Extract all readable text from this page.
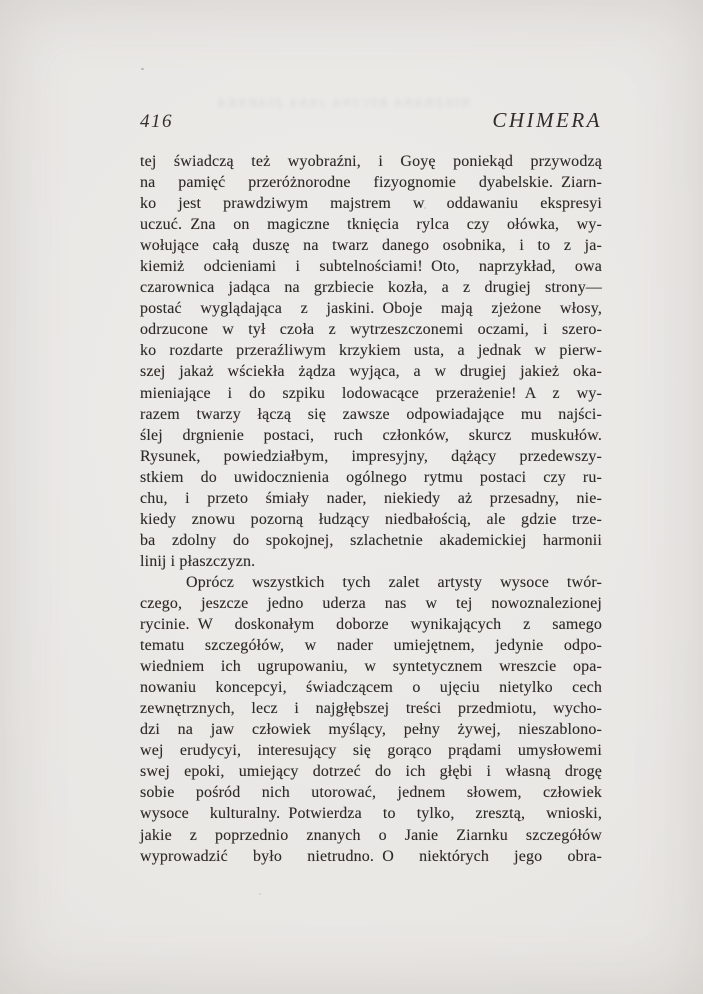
NIEZNANA RYCINA JANA ZIARNKA
416	CHIMERA
tej świadczą też wyobraźni, i Goyę poniekąd przywodzą
na pamięć przeróżnorodne fizyognomie dyabelskie. Ziarn-
ko jest prawdziwym majstrem w oddawaniu ekspresyi
uczuć. Zna on magiczne tknięcia rylca czy ołówka, wy-
wołujące całą duszę na twarz danego osobnika, i to z ja-
kiemiż odcieniami i subtelnościami! Oto, naprzykład, owa
czarownica jadąca na grzbiecie kozła, a z drugiej strony—
postać wyglądająca z jaskini. Oboje mają zjeżone włosy,
odrzucone w tył czoła z wytrzeszczonemi oczami, i szero-
ko rozdarte przeraźliwym krzykiem usta, a jednak w pierw-
szej jakaż wściekła żądza wyjąca, a w drugiej jakież oka-
mieniające i do szpiku lodowacące przerażenie! A z wy-
razem twarzy łączą się zawsze odpowiadające mu najści-
ślej drgnienie postaci, ruch członków, skurcz muskułów.
Rysunek, powiedziałbym, impresyjny, dążący przedewszy-
stkiem do uwidocznienia ogólnego rytmu postaci czy ru-
chu, i przeto śmiały nader, niekiedy aż przesadny, nie-
kiedy znowu pozorną łudzący niedbałością, ale gdzie trze-
ba zdolny do spokojnej, szlachetnie akademickiej harmonii
linij i płaszczyzn.
Oprócz wszystkich tych zalet artysty wysoce twór-
czego, jeszcze jedno uderza nas w tej nowoznalezionej
rycinie. W doskonałym doborze wynikających z samego
tematu szczegółów, w nader umiejętnem, jedynie odpo-
wiedniem ich ugrupowaniu, w syntetycznem wreszcie opa-
nowaniu koncepcyi, świadczącem o ujęciu nietylko cech
zewnętrznych, lecz i najgłębszej treści przedmiotu, wycho-
dzi na jaw człowiek myślący, pełny żywej, nieszablono-
wej erudycyi, interesujący się gorąco prądami umysłowemi
swej epoki, umiejący dotrzeć do ich głębi i własną drogę
sobie pośród nich utorować, jednem słowem, człowiek
wysoce kulturalny. Potwierdza to tylko, zresztą, wnioski,
jakie z poprzednio znanych o Janie Ziarnku szczegółów
wyprowadzić było nietrudno. O niektórych jego obra-
